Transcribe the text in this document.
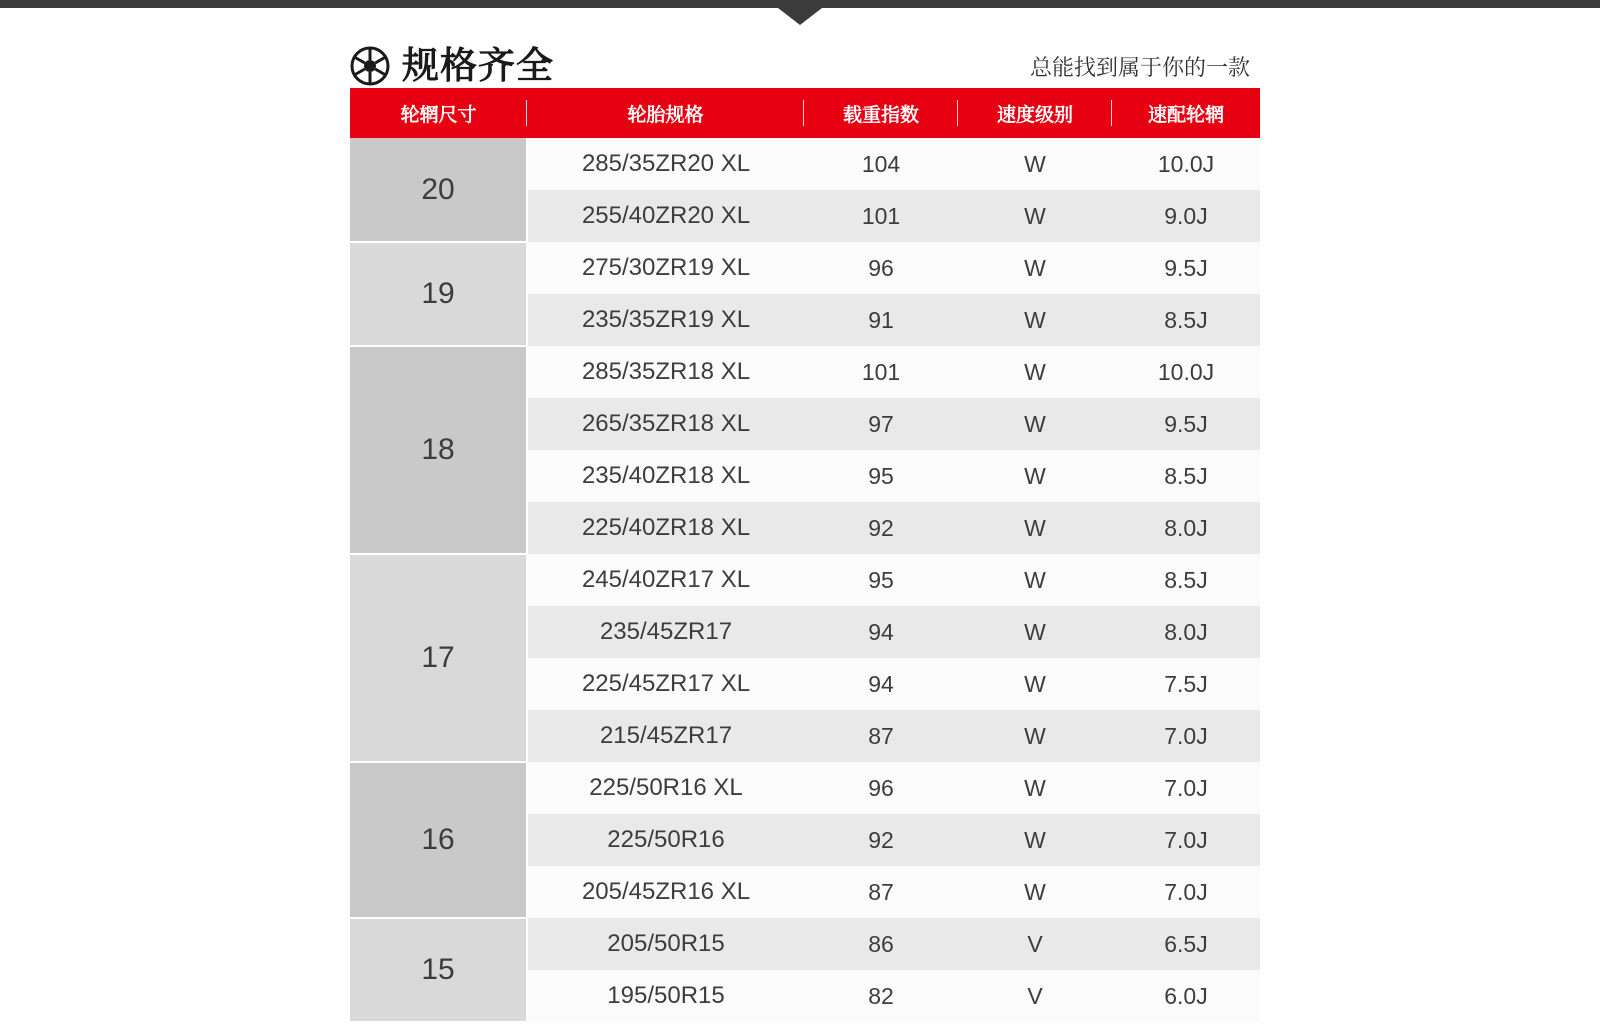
规格齐全	总能找到属于你的一款
轮辋尺寸	轮胎规格	载重指数	速度级别	速配轮辋
20	285/35ZR20 XL	104	W	10.0J
	255/40ZR20 XL	101	W	9.0J
19	275/30ZR19 XL	96	W	9.5J
	235/35ZR19 XL	91	W	8.5J
18	285/35ZR18 XL	101	W	10.0J
	265/35ZR18 XL	97	W	9.5J
	235/40ZR18 XL	95	W	8.5J
	225/40ZR18 XL	92	W	8.0J
17	245/40ZR17 XL	95	W	8.5J
	235/45ZR17	94	W	8.0J
	225/45ZR17 XL	94	W	7.5J
	215/45ZR17	87	W	7.0J
16	225/50R16 XL	96	W	7.0J
	225/50R16	92	W	7.0J
	205/45ZR16 XL	87	W	7.0J
15	205/50R15	86	V	6.5J
	195/50R15	82	V	6.0J
